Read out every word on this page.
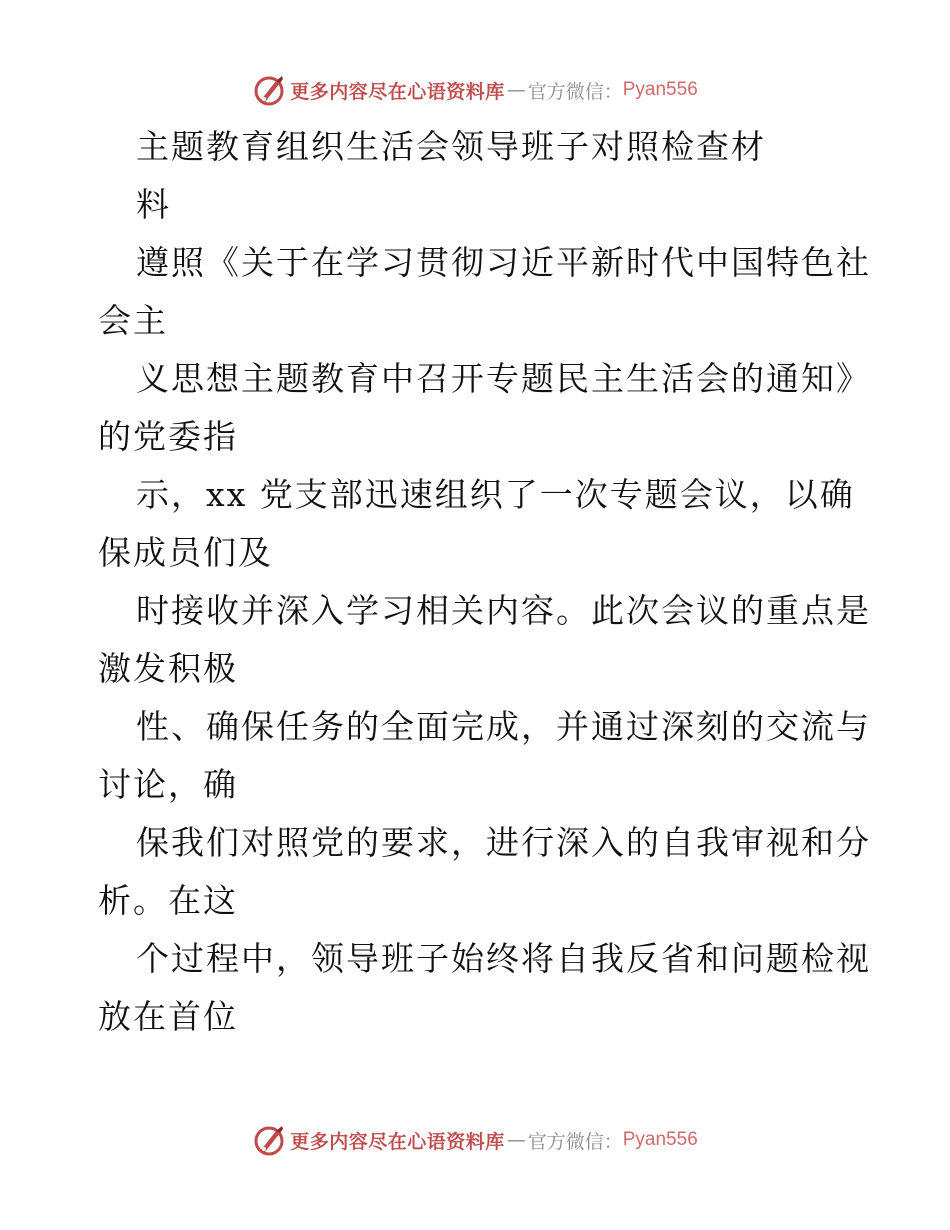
更多内容尽在心语资料库 — 官方微信： Pyan556
主题教育组织生活会领导班子对照检查材
料
遵照《关于在学习贯彻习近平新时代中国特色社
会主
义思想主题教育中召开专题民主生活会的通知》
的党委指
示，xx 党支部迅速组织了一次专题会议，以确
保成员们及
时接收并深入学习相关内容。此次会议的重点是
激发积极
性、确保任务的全面完成，并通过深刻的交流与
讨论，确
保我们对照党的要求，进行深入的自我审视和分
析。在这
个过程中，领导班子始终将自我反省和问题检视
放在首位
更多内容尽在心语资料库 — 官方微信： Pyan556
